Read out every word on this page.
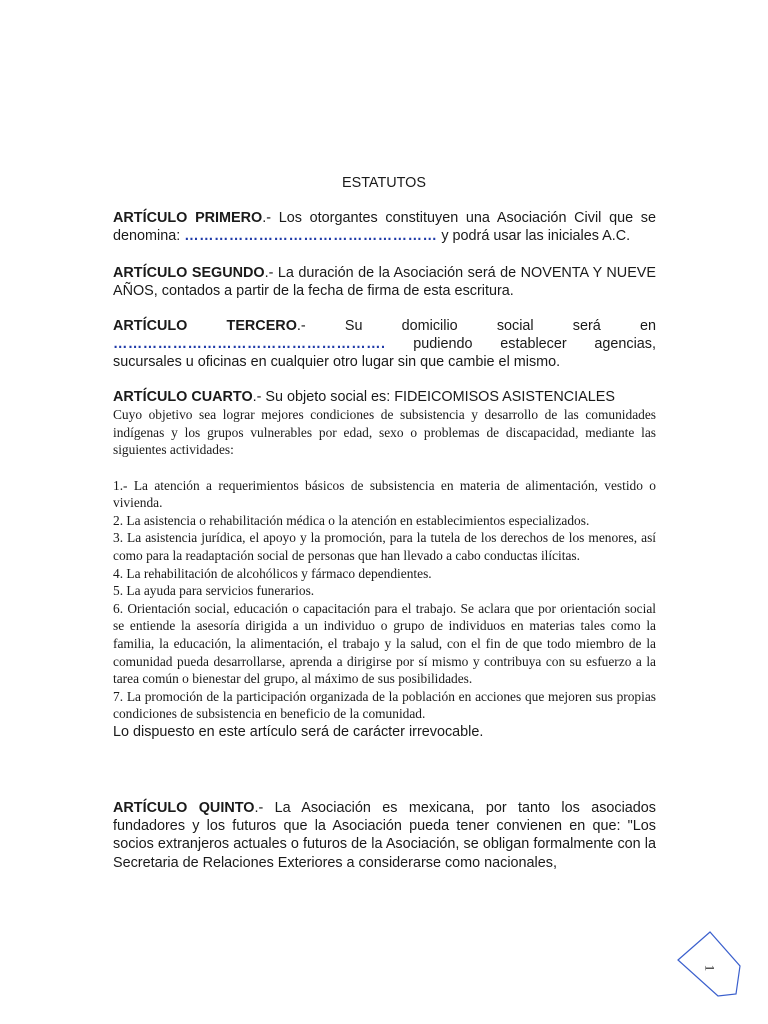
ESTATUTOS

ARTÍCULO PRIMERO.- Los otorgantes constituyen una Asociación Civil que se denomina: …………………………………………… y podrá usar las iniciales A.C.

ARTÍCULO SEGUNDO.- La duración de la Asociación será de NOVENTA Y NUEVE AÑOS, contados a partir de la fecha de firma de esta escritura.

ARTÍCULO TERCERO.- Su domicilio social será en ………………………………………………. pudiendo establecer agencias, sucursales u oficinas en cualquier otro lugar sin que cambie el mismo.

ARTÍCULO CUARTO.- Su objeto social es: FIDEICOMISOS ASISTENCIALES
Cuyo objetivo sea lograr mejores condiciones de subsistencia y desarrollo de las comunidades indígenas y los grupos vulnerables por edad, sexo o problemas de discapacidad, mediante las siguientes actividades:
1.- La atención a requerimientos básicos de subsistencia en materia de alimentación, vestido o vivienda.
2. La asistencia o rehabilitación médica o la atención en establecimientos especializados.
3. La asistencia jurídica, el apoyo y la promoción, para la tutela de los derechos de los menores, así como para la readaptación social de personas que han llevado a cabo conductas ilícitas.
4. La rehabilitación de alcohólicos y fármaco dependientes.
5. La ayuda para servicios funerarios.
6. Orientación social, educación o capacitación para el trabajo. Se aclara que por orientación social se entiende la asesoría dirigida a un individuo o grupo de individuos en materias tales como la familia, la educación, la alimentación, el trabajo y la salud, con el fin de que todo miembro de la comunidad pueda desarrollarse, aprenda a dirigirse por sí mismo y contribuya con su esfuerzo a la tarea común o bienestar del grupo, al máximo de sus posibilidades.
7. La promoción de la participación organizada de la población en acciones que mejoren sus propias condiciones de subsistencia en beneficio de la comunidad.
Lo dispuesto en este artículo será de carácter irrevocable.

ARTÍCULO QUINTO.- La Asociación es mexicana, por tanto los asociados fundadores y los futuros que la Asociación pueda tener convienen en que: "Los socios extranjeros actuales o futuros de la Asociación, se obligan formalmente con la Secretaria de Relaciones Exteriores a considerarse como nacionales,

1
